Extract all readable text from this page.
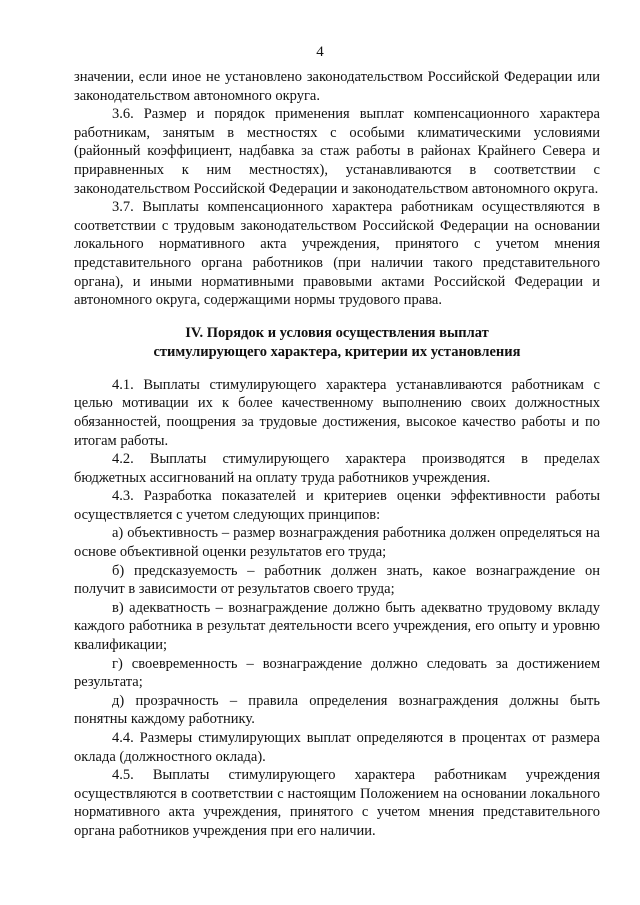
4

значении, если иное не установлено законодательством Российской Федерации или законодательством автономного округа.

3.6. Размер и порядок применения выплат компенсационного характера работникам, занятым в местностях с особыми климатическими условиями (районный коэффициент, надбавка за стаж работы в районах Крайнего Севера и приравненных к ним местностях), устанавливаются в соответствии с законодательством Российской Федерации и законодательством автономного округа.

3.7. Выплаты компенсационного характера работникам осуществляются в соответствии с трудовым законодательством Российской Федерации на основании локального нормативного акта учреждения, принятого с учетом мнения представительного органа работников (при наличии такого представительного органа), и иными нормативными правовыми актами Российской Федерации и автономного округа, содержащими нормы трудового права.

IV. Порядок и условия осуществления выплат
стимулирующего характера, критерии их установления

4.1. Выплаты стимулирующего характера устанавливаются работникам с целью мотивации их к более качественному выполнению своих должностных обязанностей, поощрения за трудовые достижения, высокое качество работы и по итогам работы.

4.2. Выплаты стимулирующего характера производятся в пределах бюджетных ассигнований на оплату труда работников учреждения.

4.3. Разработка показателей и критериев оценки эффективности работы осуществляется с учетом следующих принципов:

а) объективность – размер вознаграждения работника должен определяться на основе объективной оценки результатов его труда;

б) предсказуемость – работник должен знать, какое вознаграждение он получит в зависимости от результатов своего труда;

в) адекватность – вознаграждение должно быть адекватно трудовому вкладу каждого работника в результат деятельности всего учреждения, его опыту и уровню квалификации;

г) своевременность – вознаграждение должно следовать за достижением результата;

д) прозрачность – правила определения вознаграждения должны быть понятны каждому работнику.

4.4. Размеры стимулирующих выплат определяются в процентах от размера оклада (должностного оклада).

4.5. Выплаты стимулирующего характера работникам учреждения осуществляются в соответствии с настоящим Положением на основании локального нормативного акта учреждения, принятого с учетом мнения представительного органа работников учреждения при его наличии.
